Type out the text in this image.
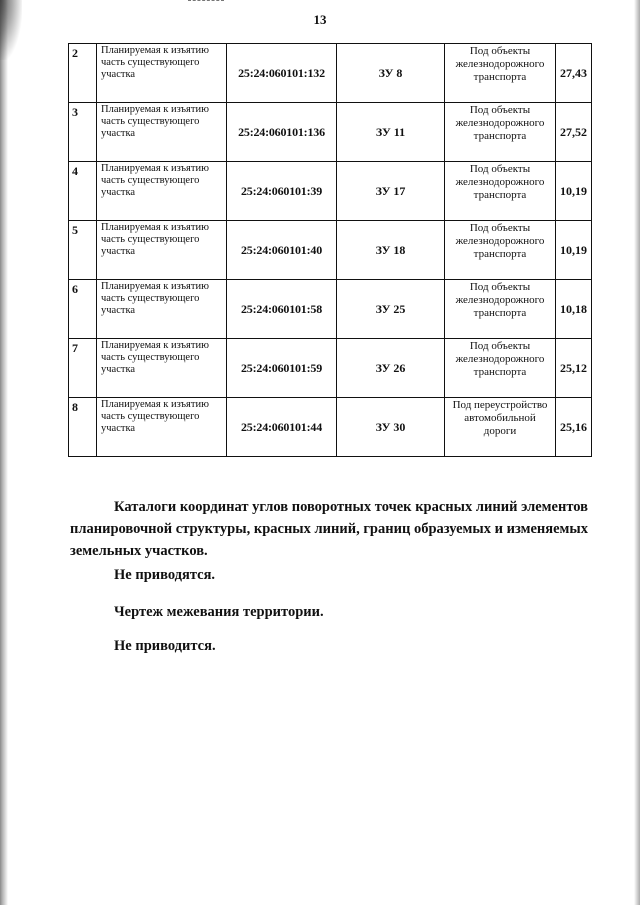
13
2	Планируемая к изъятию часть существующего участка	25:24:060101:132	ЗУ 8	Под объекты железнодорожного транспорта	27,43
3	Планируемая к изъятию часть существующего участка	25:24:060101:136	ЗУ 11	Под объекты железнодорожного транспорта	27,52
4	Планируемая к изъятию часть существующего участка	25:24:060101:39	ЗУ 17	Под объекты железнодорожного транспорта	10,19
5	Планируемая к изъятию часть существующего участка	25:24:060101:40	ЗУ 18	Под объекты железнодорожного транспорта	10,19
6	Планируемая к изъятию часть существующего участка	25:24:060101:58	ЗУ 25	Под объекты железнодорожного транспорта	10,18
7	Планируемая к изъятию часть существующего участка	25:24:060101:59	ЗУ 26	Под объекты железнодорожного транспорта	25,12
8	Планируемая к изъятию часть существующего участка	25:24:060101:44	ЗУ 30	Под переустройство автомобильной дороги	25,16
Каталоги координат углов поворотных точек красных линий элементов планировочной структуры, красных линий, границ образуемых и изменяемых земельных участков.
Не приводятся.
Чертеж межевания территории.
Не приводится.
